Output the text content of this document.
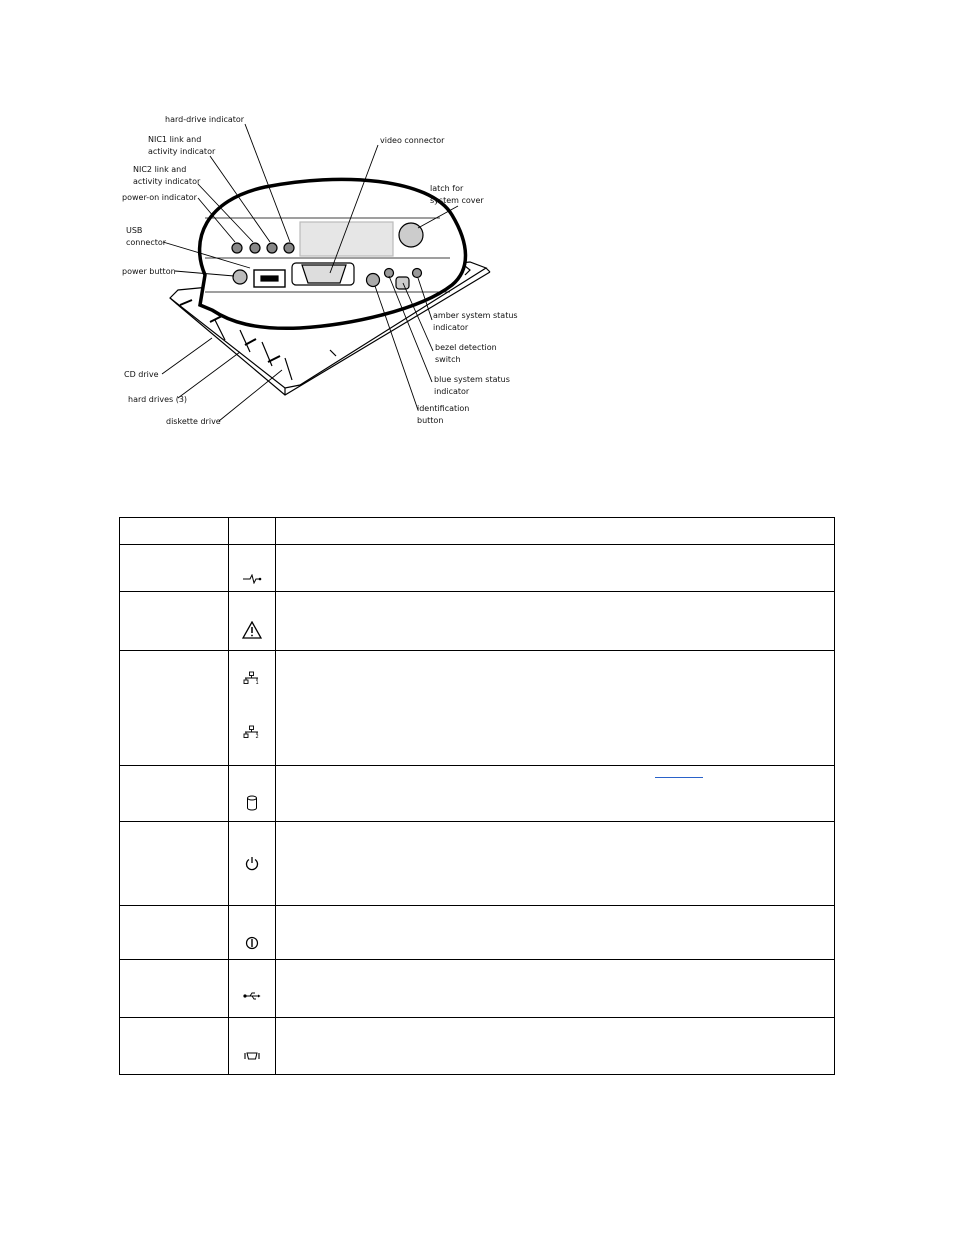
hard-drive indicator
NIC1 link and
activity indicator
NIC2 link and
activity indicator
power-on indicator
USB
connector
power button
video connector
latch for
system cover
amber system status
indicator
bezel detection
switch
blue system status
indicator
identification
button
CD drive
hard drives (3)
diskette drive

1
2	
